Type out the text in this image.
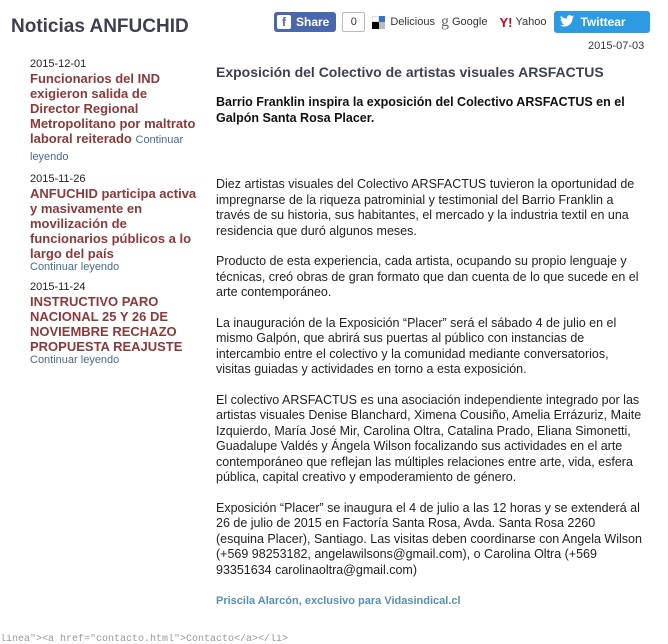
Noticias ANFUCHID	f Share	0	Delicious g Google Y! Yahoo	Twittear
2015-07-03
2015-12-01
Funcionarios del IND exigieron salida de Director Regional Metropolitano por maltrato laboral reiterado Continuar leyendo
2015-11-26
ANFUCHID participa activa y masivamente en movilización de funcionarios públicos a lo largo del país
Continuar leyendo
2015-11-24
INSTRUCTIVO PARO NACIONAL 25 Y 26 DE NOVIEMBRE RECHAZO PROPUESTA REAJUSTE
Continuar leyendo
Exposición del Colectivo de artistas visuales ARSFACTUS
Barrio Franklin inspira la exposición del Colectivo ARSFACTUS en el Galpón Santa Rosa Placer.

Diez artistas visuales del Colectivo ARSFACTUS tuvieron la oportunidad de impregnarse de la riqueza patrominial y testimonial del Barrio Franklin a través de su historia, sus habitantes, el mercado y la industria textil en una residencia que duró algunos meses.

Producto de esta experiencia, cada artista, ocupando su propio lenguaje y técnicas, creó obras de gran formato que dan cuenta de lo que sucede en el arte contemporáneo.

La inauguración de la Exposición “Placer” será el sábado 4 de julio en el mismo Galpón, que abrirá sus puertas al público con instancias de intercambio entre el colectivo y la comunidad mediante conversatorios, visitas guiadas y actividades en torno a esta exposición.

El colectivo ARSFACTUS es una asociación independiente integrado por las artistas visuales Denise Blanchard, Ximena Cousiño, Amelia Errázuriz, Maite Izquierdo, María José Mir, Carolina Oltra, Catalina Prado, Eliana Simonetti, Guadalupe Valdés y Ángela Wilson focalizando sus actividades en el arte contemporáneo que reflejan las múltiples relaciones entre arte, vida, esfera pública, capital creativo y empoderamiento de género.

Exposición “Placer” se inaugura el 4 de julio a las 12 horas y se extenderá al 26 de julio de 2015 en Factoría Santa Rosa, Avda. Santa Rosa 2260 (esquina Placer), Santiago. Las visitas deben coordinarse con Angela Wilson (+569 98253182, angelawilsons@gmail.com), o Carolina Oltra (+569 93351634 carolinaoltra@gmail.com)

Priscila Alarcón, exclusivo para Vidasindical.cl
linea"><a href="contacto.html">Contacto</a></li>
